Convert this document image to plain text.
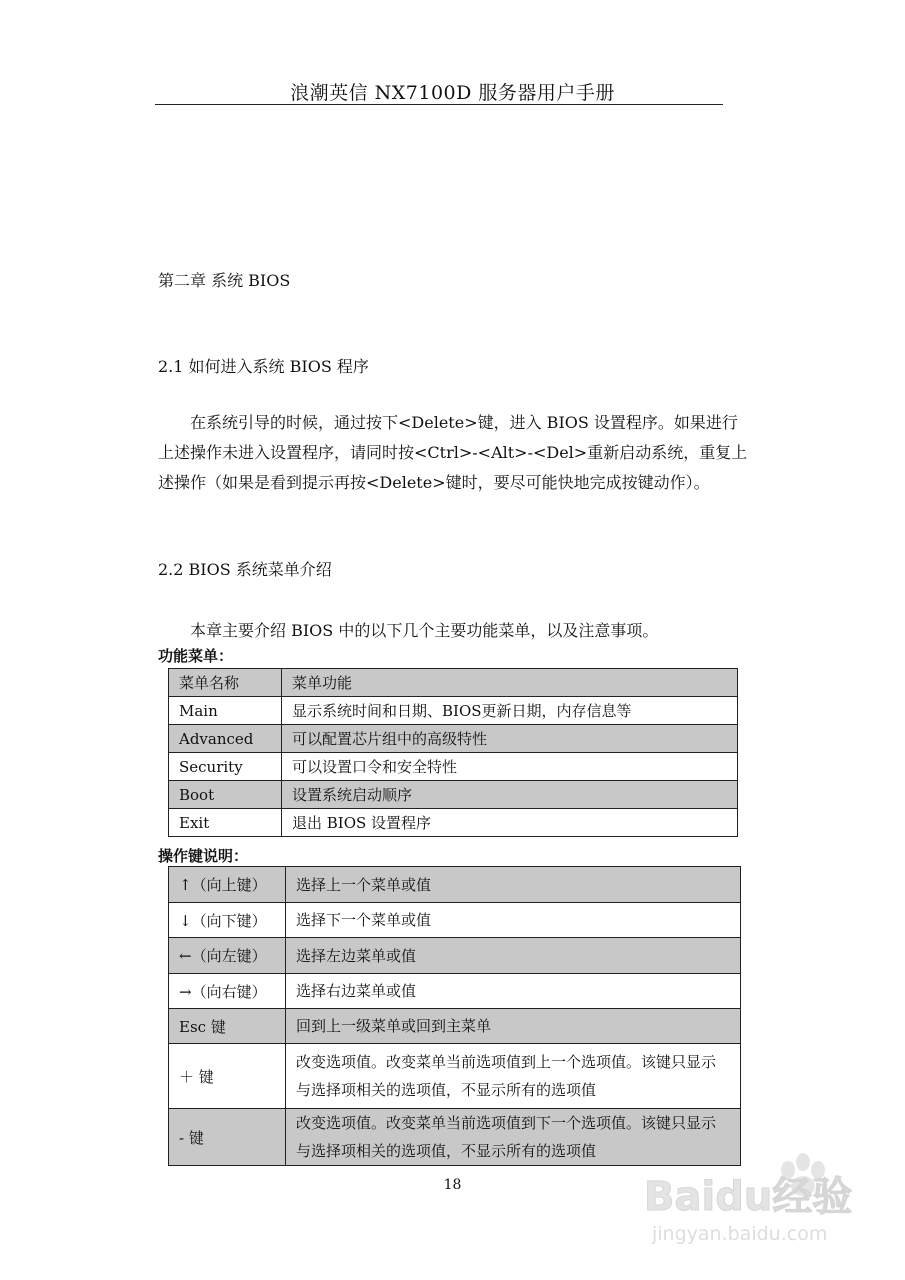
浪潮英信 NX7100D 服务器用户手册
第二章 系统 BIOS
2.1 如何进入系统 BIOS 程序

在系统引导的时候，通过按下<Delete>键，进入 BIOS 设置程序。如果进行上述操作未进入设置程序，请同时按<Ctrl>-<Alt>-<Del>重新启动系统，重复上述操作（如果是看到提示再按<Delete>键时，要尽可能快地完成按键动作）。

2.2 BIOS 系统菜单介绍
本章主要介绍 BIOS 中的以下几个主要功能菜单，以及注意事项。
功能菜单：
菜单名称	菜单功能
Main	显示系统时间和日期、BIOS更新日期，内存信息等
Advanced	可以配置芯片组中的高级特性
Security	可以设置口令和安全特性
Boot	设置系统启动顺序
Exit	退出 BIOS 设置程序
操作键说明：
↑（向上键）	选择上一个菜单或值
↓（向下键）	选择下一个菜单或值
←（向左键）	选择左边菜单或值
→（向右键）	选择右边菜单或值
Esc 键	回到上一级菜单或回到主菜单
＋ 键	改变选项值。改变菜单当前选项值到上一个选项值。该键只显示与选择项相关的选项值，不显示所有的选项值
- 键	改变选项值。改变菜单当前选项值到下一个选项值。该键只显示与选择项相关的选项值，不显示所有的选项值
18	Baidu经验
jingyan.baidu.com
